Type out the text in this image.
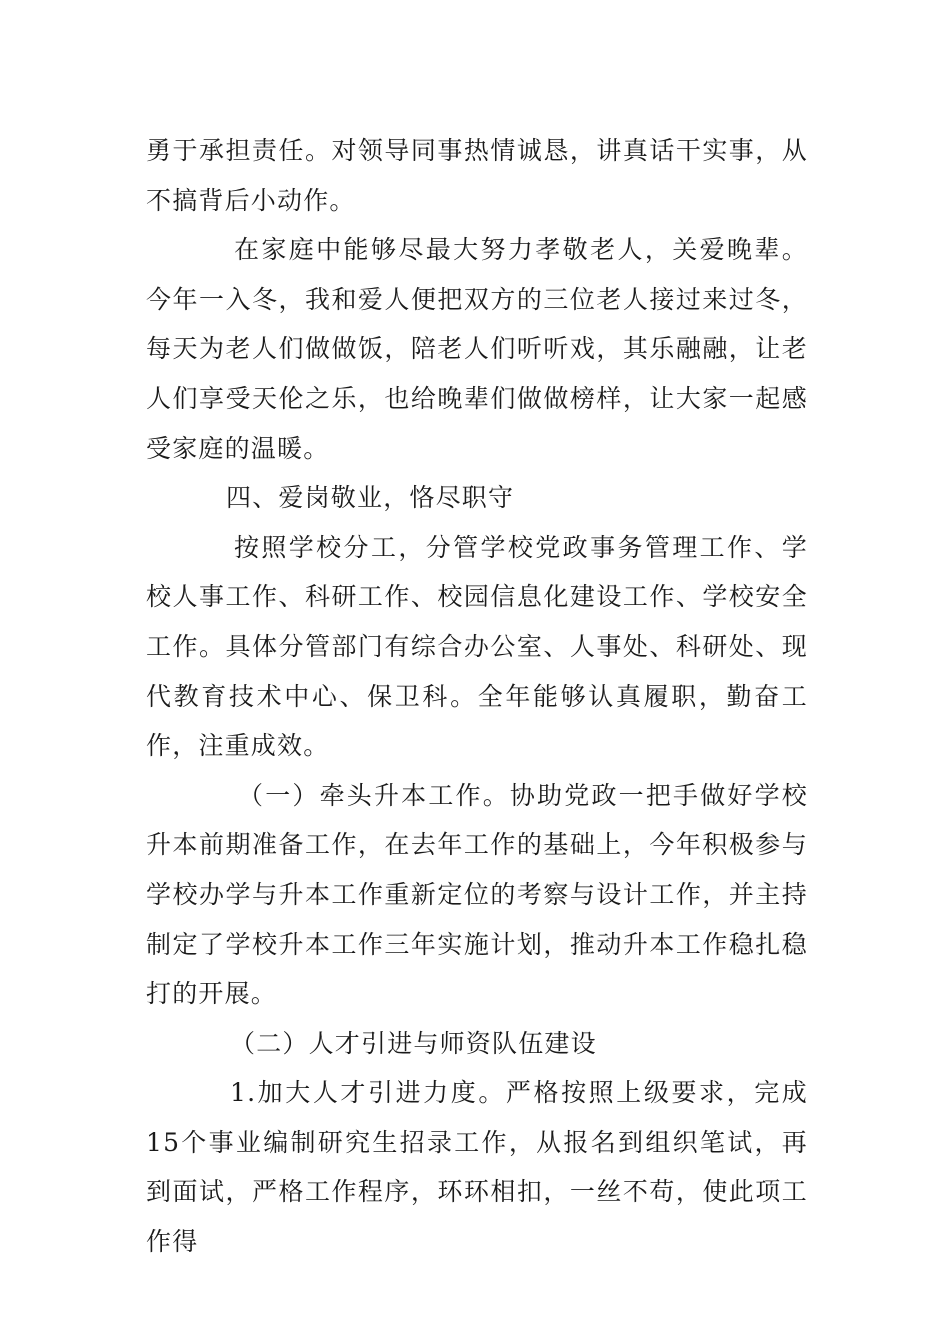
勇于承担责任。对领导同事热情诚恳，讲真话干实事，从不搞背后小动作。

在家庭中能够尽最大努力孝敬老人，关爱晚辈。今年一入冬，我和爱人便把双方的三位老人接过来过冬，每天为老人们做做饭，陪老人们听听戏，其乐融融，让老人们享受天伦之乐，也给晚辈们做做榜样，让大家一起感受家庭的温暖。

四、爱岗敬业，恪尽职守

按照学校分工，分管学校党政事务管理工作、学校人事工作、科研工作、校园信息化建设工作、学校安全工作。具体分管部门有综合办公室、人事处、科研处、现代教育技术中心、保卫科。全年能够认真履职，勤奋工作，注重成效。

（一）牵头升本工作。协助党政一把手做好学校升本前期准备工作，在去年工作的基础上，今年积极参与学校办学与升本工作重新定位的考察与设计工作，并主持制定了学校升本工作三年实施计划，推动升本工作稳扎稳打的开展。

（二）人才引进与师资队伍建设

1.加大人才引进力度。严格按照上级要求，完成15个事业编制研究生招录工作，从报名到组织笔试，再到面试，严格工作程序，环环相扣，一丝不苟，使此项工作得
